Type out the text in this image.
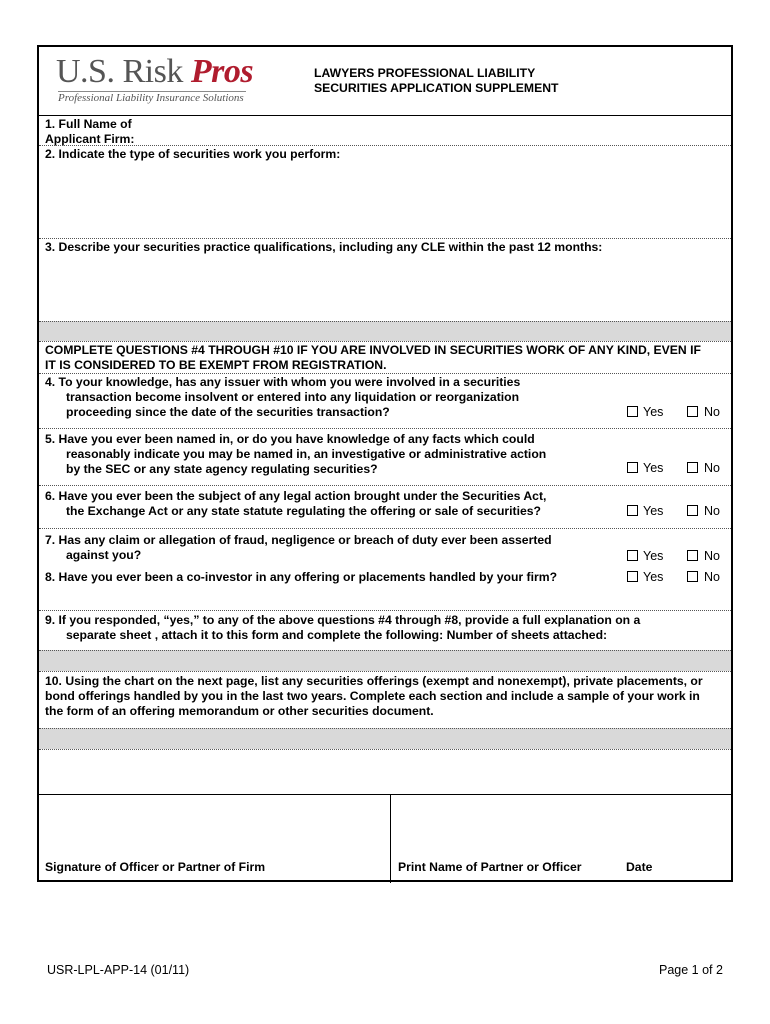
U.S. Risk Pros
Professional Liability Insurance Solutions
LAWYERS PROFESSIONAL LIABILITY
SECURITIES APPLICATION SUPPLEMENT
1. Full Name of
Applicant Firm:
2. Indicate the type of securities work you perform:
3. Describe your securities practice qualifications, including any CLE within the past 12 months:
COMPLETE QUESTIONS #4 THROUGH #10 IF YOU ARE INVOLVED IN SECURITIES WORK OF ANY KIND, EVEN IF
IT IS CONSIDERED TO BE EXEMPT FROM REGISTRATION.
4. To your knowledge, has any issuer with whom you were involved in a securities
transaction become insolvent or entered into any liquidation or reorganization
proceeding since the date of the securities transaction?	Yes	No
5. Have you ever been named in, or do you have knowledge of any facts which could
reasonably indicate you may be named in, an investigative or administrative action
by the SEC or any state agency regulating securities?	Yes	No
6. Have you ever been the subject of any legal action brought under the Securities Act,
the Exchange Act or any state statute regulating the offering or sale of securities?	Yes	No
7. Has any claim or allegation of fraud, negligence or breach of duty ever been asserted
against you?	Yes	No
8. Have you ever been a co-investor in any offering or placements handled by your firm?	Yes	No
9. If you responded, “yes,” to any of the above questions #4 through #8, provide a full explanation on a
separate sheet , attach it to this form and complete the following: Number of sheets attached:
10. Using the chart on the next page, list any securities offerings (exempt and nonexempt), private placements, or
bond offerings handled by you in the last two years. Complete each section and include a sample of your work in
the form of an offering memorandum or other securities document.
Signature of Officer or Partner of Firm	Print Name of Partner or Officer	Date
USR-LPL-APP-14 (01/11)	Page 1 of 2
